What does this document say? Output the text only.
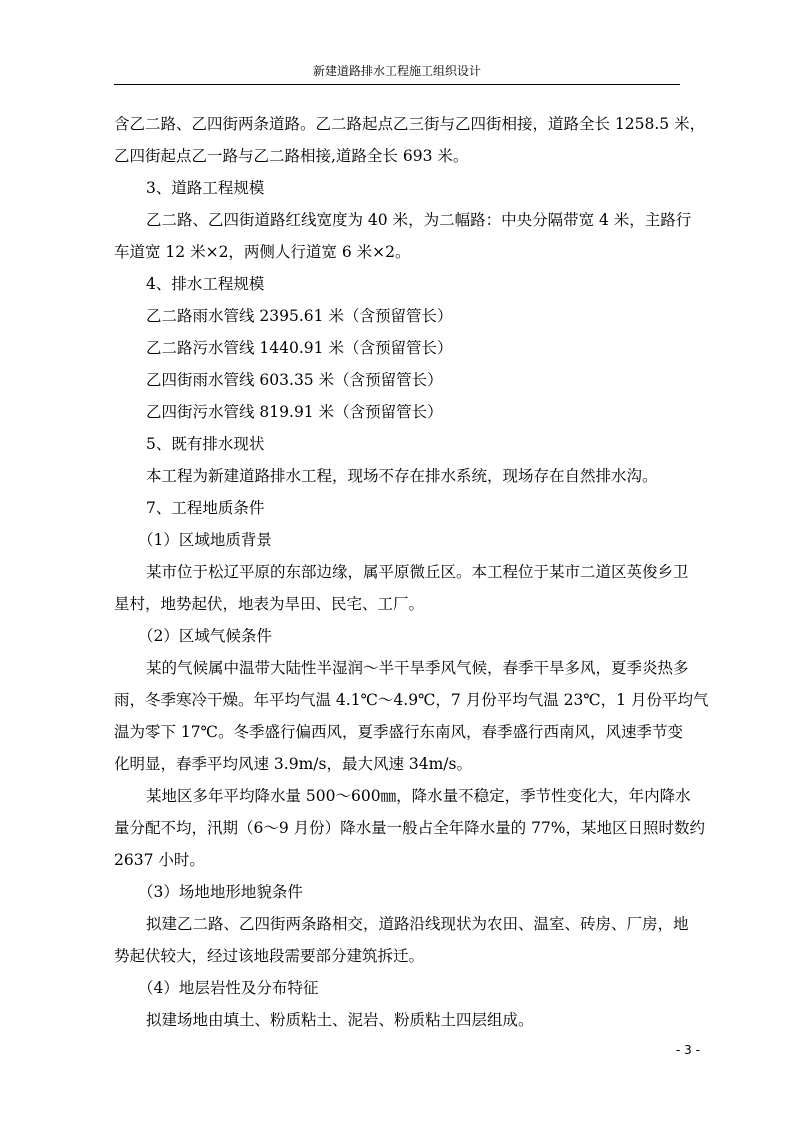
新建道路排水工程施工组织设计

含乙二路、乙四街两条道路。乙二路起点乙三街与乙四街相接，道路全长 1258.5 米，

乙四街起点乙一路与乙二路相接,道路全长 693 米。

3、道路工程规模

乙二路、乙四街道路红线宽度为 40 米，为二幅路：中央分隔带宽 4 米，主路行

车道宽 12 米×2，两侧人行道宽 6 米×2。

4、排水工程规模

乙二路雨水管线 2395.61 米（含预留管长）

乙二路污水管线 1440.91 米（含预留管长）

乙四街雨水管线 603.35 米（含预留管长）

乙四街污水管线 819.91 米（含预留管长）

5、既有排水现状

本工程为新建道路排水工程，现场不存在排水系统，现场存在自然排水沟。

7、工程地质条件

（1）区域地质背景

某市位于松辽平原的东部边缘，属平原微丘区。本工程位于某市二道区英俊乡卫

星村，地势起伏，地表为旱田、民宅、工厂。

（2）区域气候条件

某的气候属中温带大陆性半湿润～半干旱季风气候，春季干旱多风，夏季炎热多

雨，冬季寒冷干燥。年平均气温 4.1℃～4.9℃，7 月份平均气温 23℃，1 月份平均气

温为零下 17℃。冬季盛行偏西风，夏季盛行东南风，春季盛行西南风，风速季节变

化明显，春季平均风速 3.9m/s，最大风速 34m/s。

某地区多年平均降水量 500～600㎜，降水量不稳定，季节性变化大，年内降水

量分配不均，汛期（6～9 月份）降水量一般占全年降水量的 77%，某地区日照时数约

2637 小时。

（3）场地地形地貌条件

拟建乙二路、乙四街两条路相交，道路沿线现状为农田、温室、砖房、厂房，地

势起伏较大，经过该地段需要部分建筑拆迁。

（4）地层岩性及分布特征

拟建场地由填土、粉质粘土、泥岩、粉质粘土四层组成。

- 3 -
